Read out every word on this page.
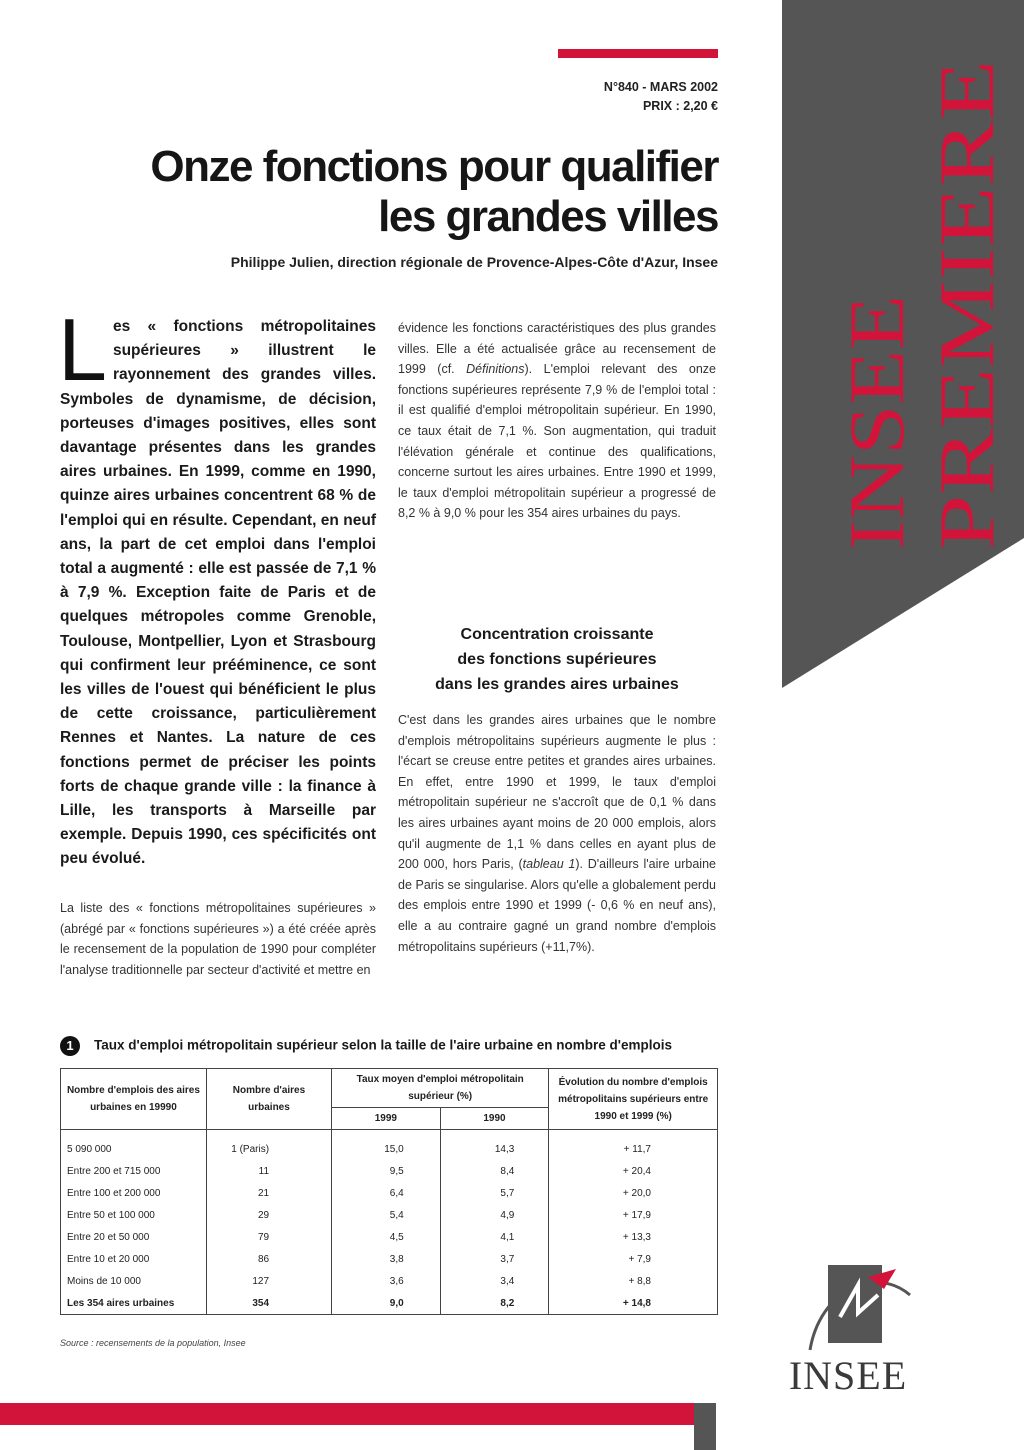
INSEE PREMIERE
N°840 - MARS 2002
PRIX : 2,20 €
Onze fonctions pour qualifier
les grandes villes
Philippe Julien, direction régionale de Provence-Alpes-Côte d'Azur, Insee
Les « fonctions métropolitaines supérieures » illustrent le rayonnement des grandes villes. Symboles de dynamisme, de décision, porteuses d'images positives, elles sont davantage présentes dans les grandes aires urbaines. En 1999, comme en 1990, quinze aires urbaines concentrent 68 % de l'emploi qui en résulte. Cependant, en neuf ans, la part de cet emploi dans l'emploi total a augmenté : elle est passée de 7,1 % à 7,9 %. Exception faite de Paris et de quelques métropoles comme Grenoble, Toulouse, Montpellier, Lyon et Strasbourg qui confirment leur prééminence, ce sont les villes de l'ouest qui bénéficient le plus de cette croissance, particulièrement Rennes et Nantes. La nature de ces fonctions permet de préciser les points forts de chaque grande ville : la finance à Lille, les transports à Marseille par exemple. Depuis 1990, ces spécificités ont peu évolué.
La liste des « fonctions métropolitaines supérieures » (abrégé par « fonctions supérieures ») a été créée après le recensement de la population de 1990 pour compléter l'analyse traditionnelle par secteur d'activité et mettre en
évidence les fonctions caractéristiques des plus grandes villes. Elle a été actualisée grâce au recensement de 1999 (cf. Définitions). L'emploi relevant des onze fonctions supérieures représente 7,9 % de l'emploi total : il est qualifié d'emploi métropolitain supérieur. En 1990, ce taux était de 7,1 %. Son augmentation, qui traduit l'élévation générale et continue des qualifications, concerne surtout les aires urbaines. Entre 1990 et 1999, le taux d'emploi métropolitain supérieur a progressé de 8,2 % à 9,0 % pour les 354 aires urbaines du pays.
Concentration croissante
des fonctions supérieures
dans les grandes aires urbaines
C'est dans les grandes aires urbaines que le nombre d'emplois métropolitains supérieurs augmente le plus : l'écart se creuse entre petites et grandes aires urbaines. En effet, entre 1990 et 1999, le taux d'emploi métropolitain supérieur ne s'accroît que de 0,1 % dans les aires urbaines ayant moins de 20 000 emplois, alors qu'il augmente de 1,1 % dans celles en ayant plus de 200 000, hors Paris, (tableau 1). D'ailleurs l'aire urbaine de Paris se singularise. Alors qu'elle a globalement perdu des emplois entre 1990 et 1999 (- 0,6 % en neuf ans), elle a au contraire gagné un grand nombre d'emplois métropolitains supérieurs (+11,7%).
1 Taux d'emploi métropolitain supérieur selon la taille de l'aire urbaine en nombre d'emplois
Nombre d'emplois des aires urbaines en 19990	Nombre d'aires urbaines	Taux moyen d'emploi métropolitain supérieur (%)		Évolution du nombre d'emplois métropolitains supérieurs entre 1990 et 1999 (%)
		1999	1990	
5 090 000	1 (Paris)	15,0	14,3	+ 11,7
Entre 200 et 715 000	11	9,5	8,4	+ 20,4
Entre 100 et 200 000	21	6,4	5,7	+ 20,0
Entre 50 et 100 000	29	5,4	4,9	+ 17,9
Entre 20 et 50 000	79	4,5	4,1	+ 13,3
Entre 10 et 20 000	86	3,8	3,7	+ 7,9
Moins de 10 000	127	3,6	3,4	+ 8,8
Les 354 aires urbaines	354	9,0	8,2	+ 14,8
Source : recensements de la population, Insee
INSEE
